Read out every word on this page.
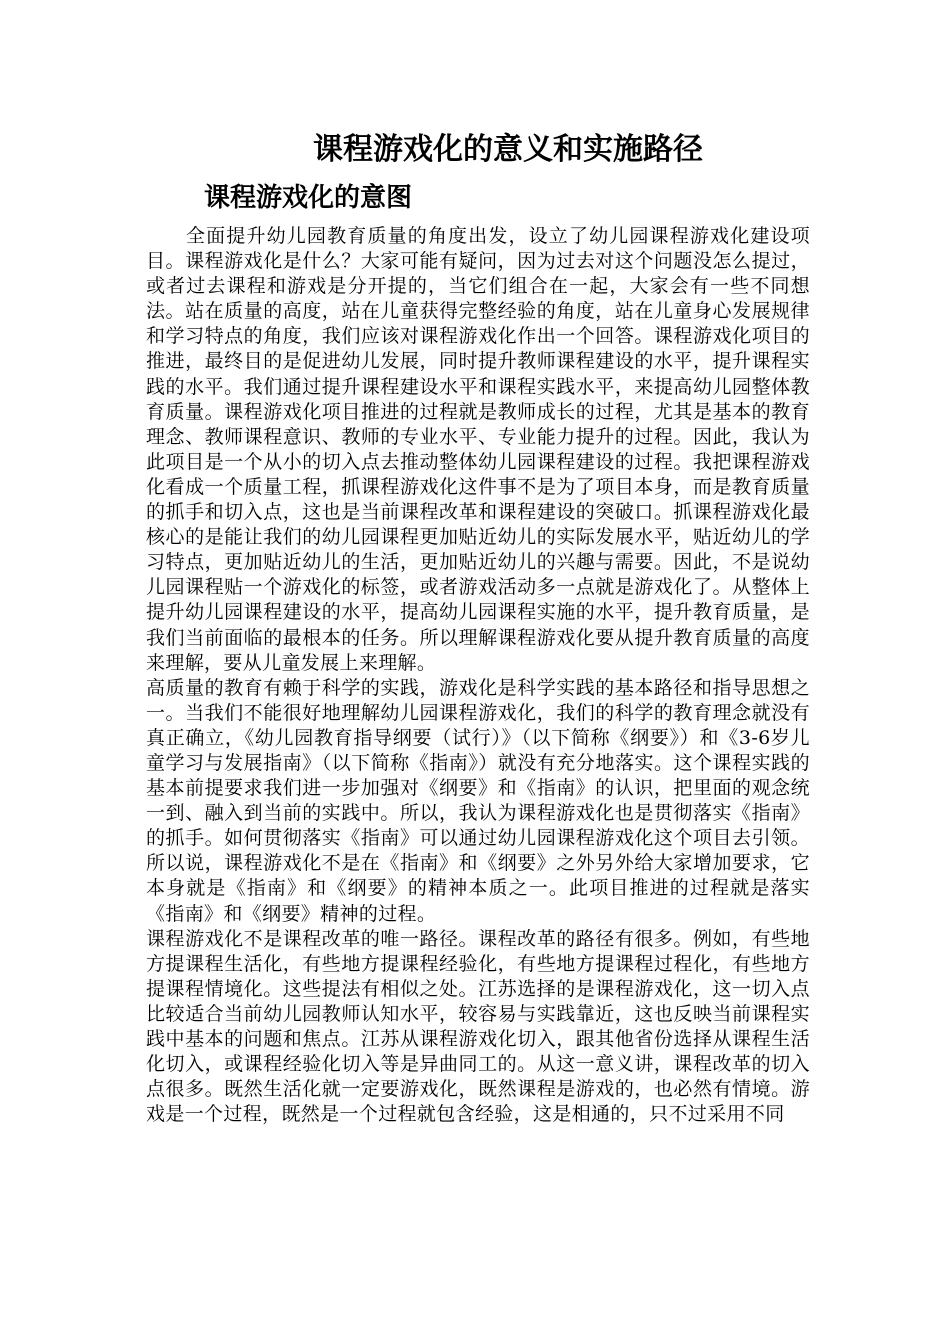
课程游戏化的意义和实施路径
课程游戏化的意图

全面提升幼儿园教育质量的角度出发，设立了幼儿园课程游戏化建设项目。课程游戏化是什么？大家可能有疑问，因为过去对这个问题没怎么提过，或者过去课程和游戏是分开提的，当它们组合在一起，大家会有一些不同想法。站在质量的高度，站在儿童获得完整经验的角度，站在儿童身心发展规律和学习特点的角度，我们应该对课程游戏化作出一个回答。课程游戏化项目的推进，最终目的是促进幼儿发展，同时提升教师课程建设的水平，提升课程实践的水平。我们通过提升课程建设水平和课程实践水平，来提高幼儿园整体教育质量。课程游戏化项目推进的过程就是教师成长的过程，尤其是基本的教育理念、教师课程意识、教师的专业水平、专业能力提升的过程。因此，我认为此项目是一个从小的切入点去推动整体幼儿园课程建设的过程。我把课程游戏化看成一个质量工程，抓课程游戏化这件事不是为了项目本身，而是教育质量的抓手和切入点，这也是当前课程改革和课程建设的突破口。抓课程游戏化最核心的是能让我们的幼儿园课程更加贴近幼儿的实际发展水平，贴近幼儿的学习特点，更加贴近幼儿的生活，更加贴近幼儿的兴趣与需要。因此，不是说幼儿园课程贴一个游戏化的标签，或者游戏活动多一点就是游戏化了。从整体上提升幼儿园课程建设的水平，提高幼儿园课程实施的水平，提升教育质量，是我们当前面临的最根本的任务。所以理解课程游戏化要从提升教育质量的高度来理解，要从儿童发展上来理解。

高质量的教育有赖于科学的实践，游戏化是科学实践的基本路径和指导思想之一。当我们不能很好地理解幼儿园课程游戏化，我们的科学的教育理念就没有真正确立，《幼儿园教育指导纲要（试行）》（以下简称《纲要》）和《3-6岁儿童学习与发展指南》（以下简称《指南》）就没有充分地落实。这个课程实践的基本前提要求我们进一步加强对《纲要》和《指南》的认识，把里面的观念统一到、融入到当前的实践中。所以，我认为课程游戏化也是贯彻落实《指南》的抓手。如何贯彻落实《指南》可以通过幼儿园课程游戏化这个项目去引领。所以说，课程游戏化不是在《指南》和《纲要》之外另外给大家增加要求，它本身就是《指南》和《纲要》的精神本质之一。此项目推进的过程就是落实《指南》和《纲要》精神的过程。

课程游戏化不是课程改革的唯一路径。课程改革的路径有很多。例如，有些地方提课程生活化，有些地方提课程经验化，有些地方提课程过程化，有些地方提课程情境化。这些提法有相似之处。江苏选择的是课程游戏化，这一切入点比较适合当前幼儿园教师认知水平，较容易与实践靠近，这也反映当前课程实践中基本的问题和焦点。江苏从课程游戏化切入，跟其他省份选择从课程生活化切入，或课程经验化切入等是异曲同工的。从这一意义讲，课程改革的切入点很多。既然生活化就一定要游戏化，既然课程是游戏的，也必然有情境。游戏是一个过程，既然是一个过程就包含经验，这是相通的，只不过采用不同
